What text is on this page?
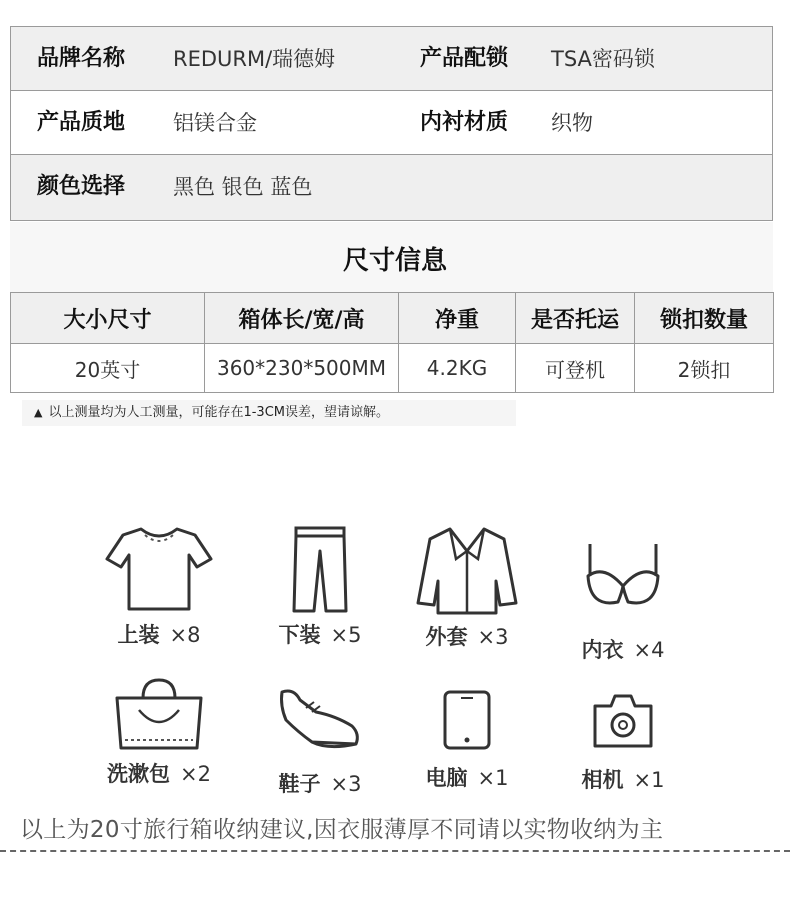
品牌名称 REDURM/瑞德姆	产品配锁 TSA密码锁
产品质地 铝镁合金	内衬材质 织物
颜色选择 黑色 银色 蓝色
尺寸信息
大小尺寸	箱体长/宽/高	净重	是否托运	锁扣数量
20英寸	360*230*500MM	4.2KG	可登机	2锁扣
▲ 以上测量均为人工测量，可能存在1-3CM误差，望请谅解。
上装 ×8	下装 ×5	外套 ×3
内衣 ×4
洗漱包 ×2	鞋子 ×3	电脑 ×1	相机 ×1
以上为20寸旅行箱收纳建议,因衣服薄厚不同请以实物收纳为主
